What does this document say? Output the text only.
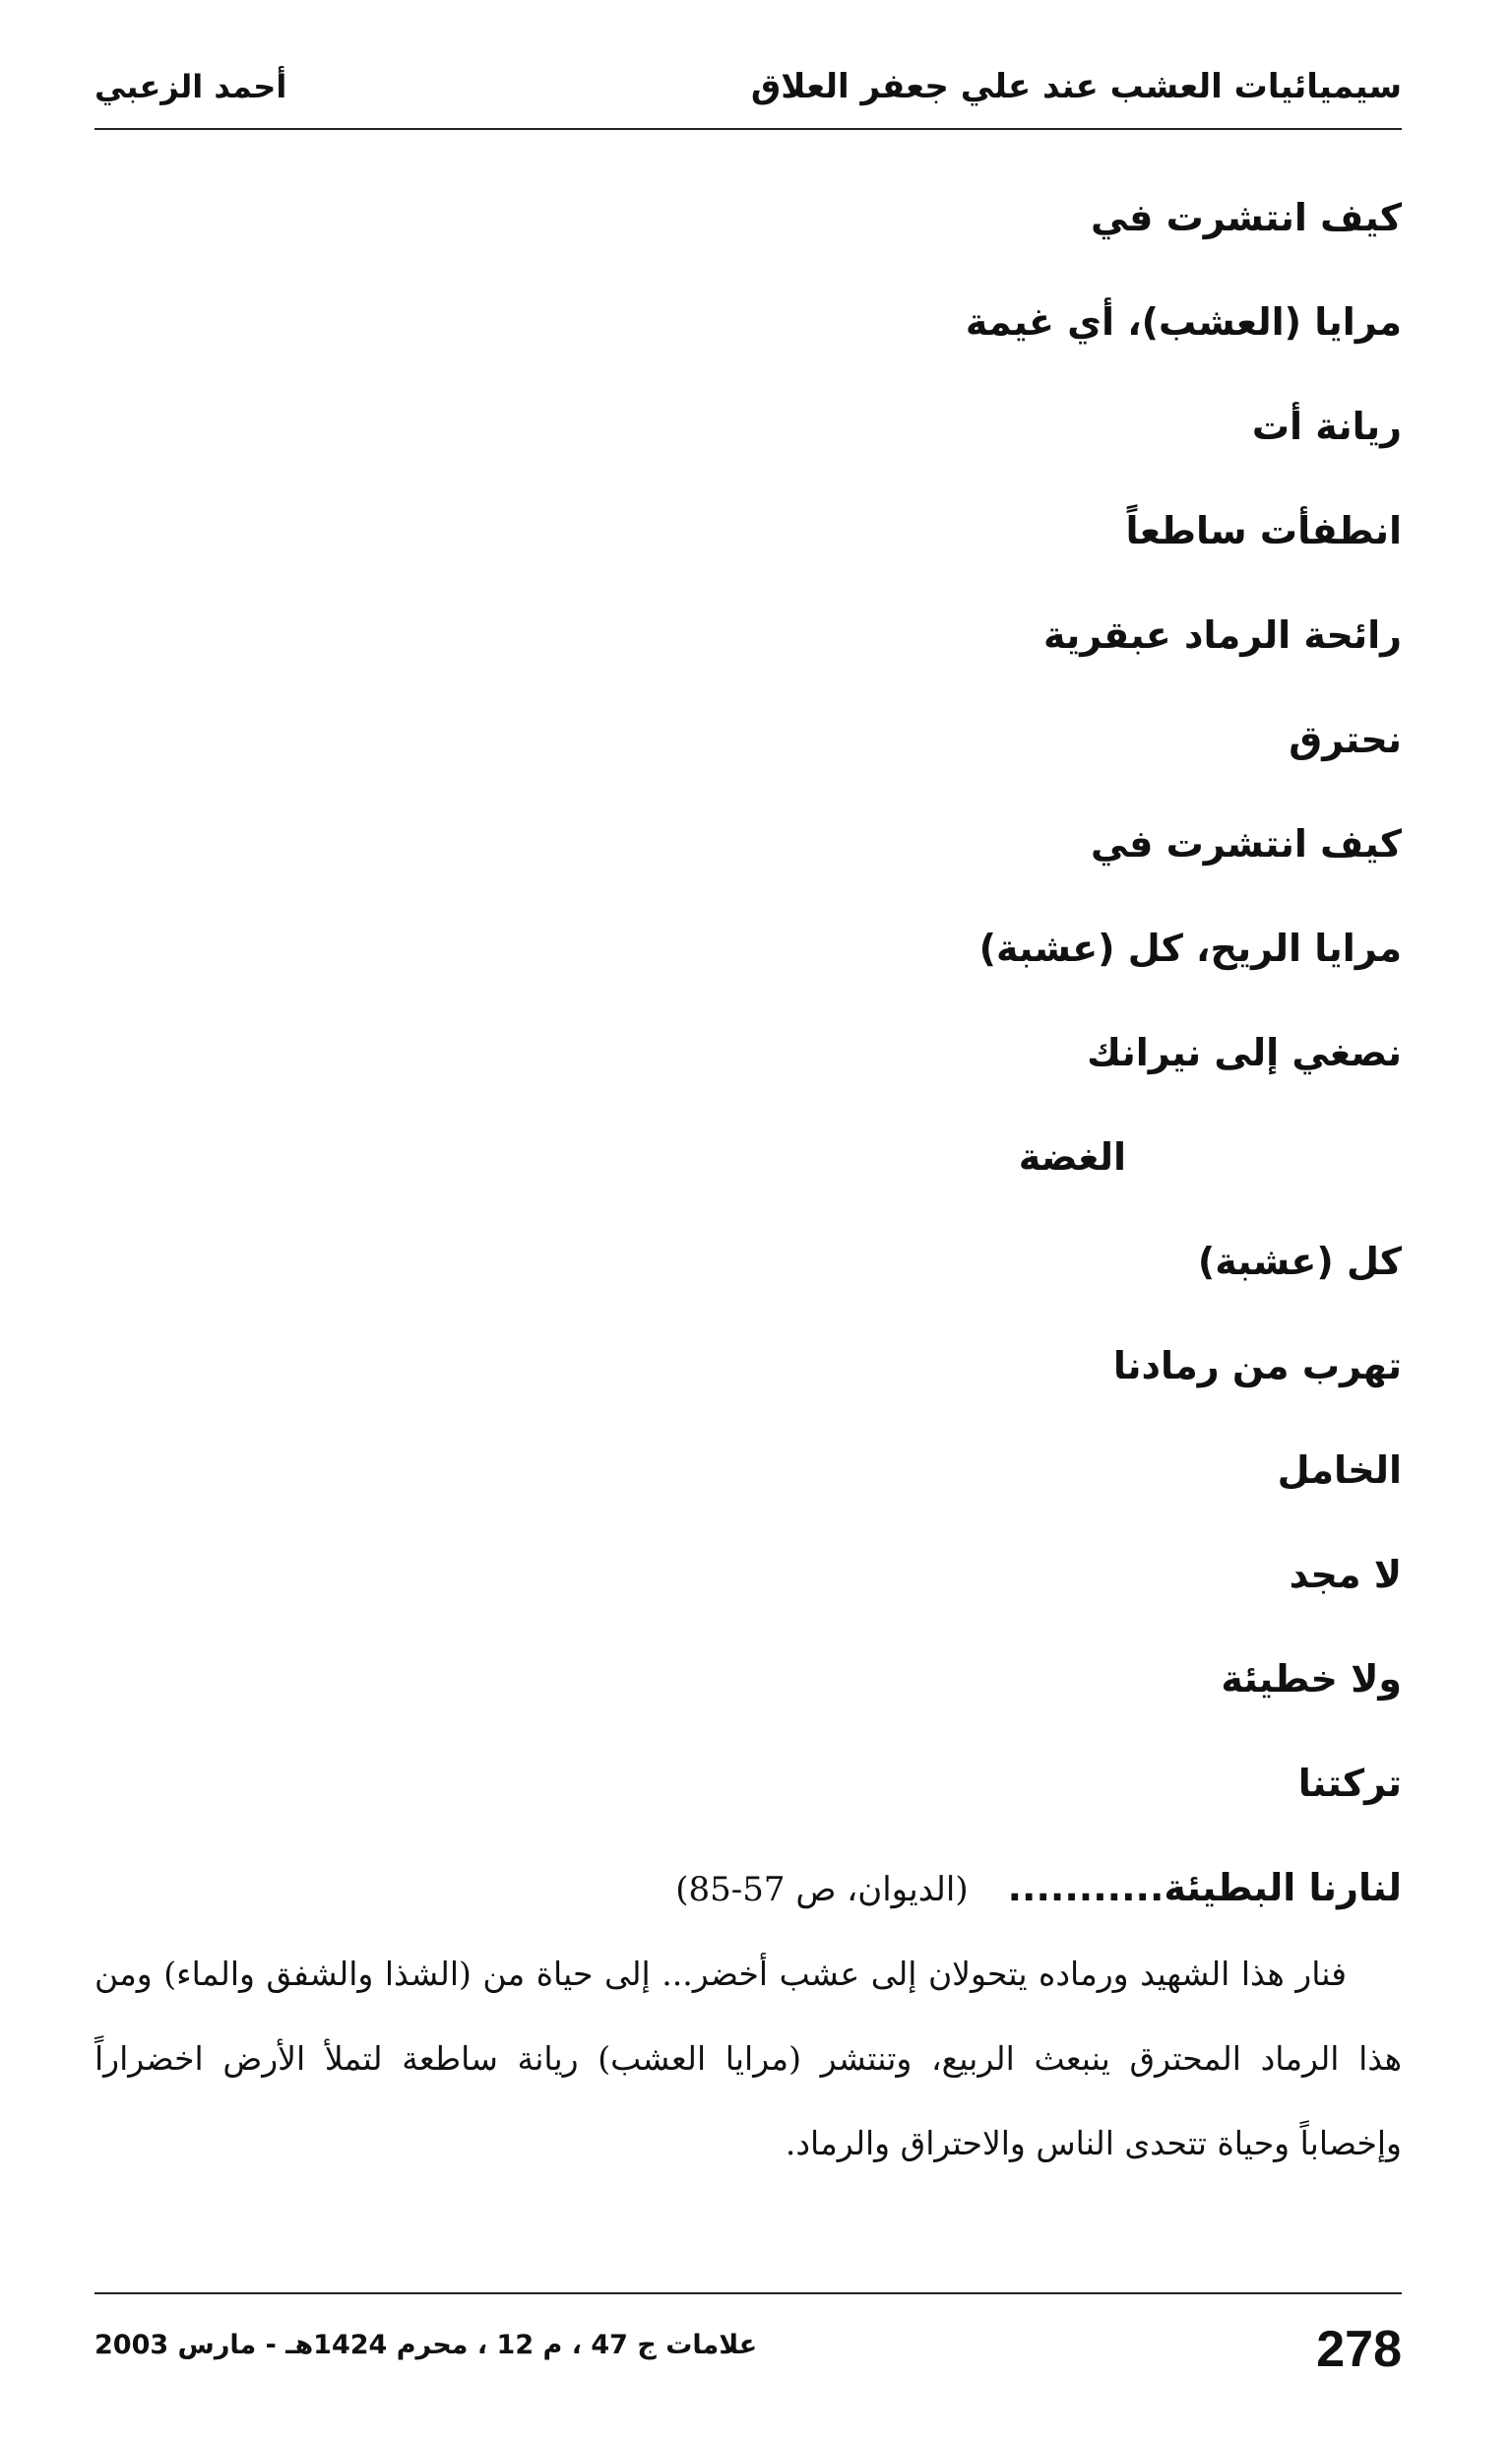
سيميائيات العشب عند علي جعفر العلاق
أحمد الزعبي
كيف انتشرت في
مرايا (العشب)، أي غيمة
ريانة أت
انطفأت ساطعاً
رائحة الرماد عبقرية
نحترق
كيف انتشرت في
مرايا الريح، كل (عشبة)
نصغي إلى نيرانك
الغضة
كل (عشبة)
تهرب من رمادنا
الخامل
لا مجد
ولا خطيئة
تركتنا
لنارنا البطيئة...........(الديوان، ص 57-85)

فنار هذا الشهيد ورماده يتحولان إلى عشب أخضر... إلى حياة من (الشذا والشفق والماء) ومن هذا الرماد المحترق ينبعث الربيع، وتنتشر (مرايا العشب) ريانة ساطعة لتملأ الأرض اخضراراً وإخصاباً وحياة تتحدى الناس والاحتراق والرماد.

278
علامات ج 47 ، م 12 ، محرم 1424هـ - مارس 2003
